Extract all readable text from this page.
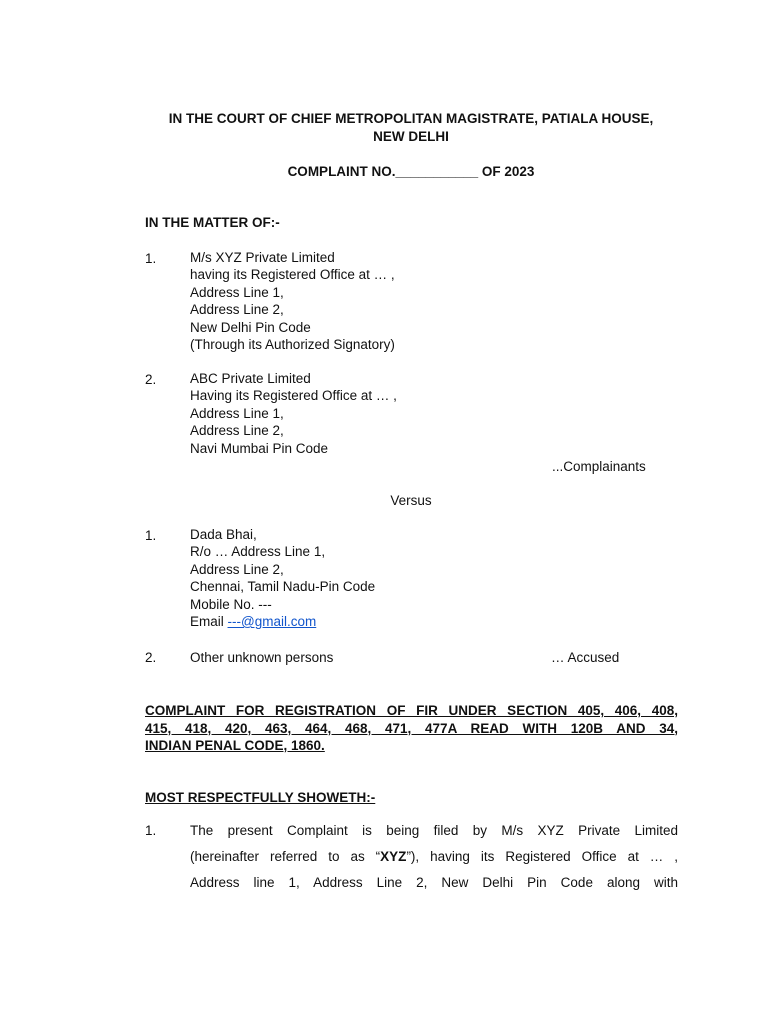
IN THE COURT OF CHIEF METROPOLITAN MAGISTRATE, PATIALA HOUSE,
NEW DELHI
COMPLAINT NO.___________ OF 2023
IN THE MATTER OF:-
1. M/s XYZ Private Limited
having its Registered Office at … ,
Address Line 1,
Address Line 2,
New Delhi Pin Code
(Through its Authorized Signatory)
2. ABC Private Limited
Having its Registered Office at … ,
Address Line 1,
Address Line 2,
Navi Mumbai Pin Code
...Complainants
Versus
1. Dada Bhai,
R/o … Address Line 1,
Address Line 2,
Chennai, Tamil Nadu-Pin Code
Mobile No. ---
Email ---@gmail.com
2. Other unknown persons	… Accused
COMPLAINT FOR REGISTRATION OF FIR UNDER SECTION 405, 406, 408,
415, 418, 420, 463, 464, 468, 471, 477A READ WITH 120B AND 34,
INDIAN PENAL CODE, 1860.
MOST RESPECTFULLY SHOWETH:-
1. The present Complaint is being filed by M/s XYZ Private Limited
(hereinafter referred to as “XYZ”), having its Registered Office at … ,
Address line 1, Address Line 2, New Delhi Pin Code along with
